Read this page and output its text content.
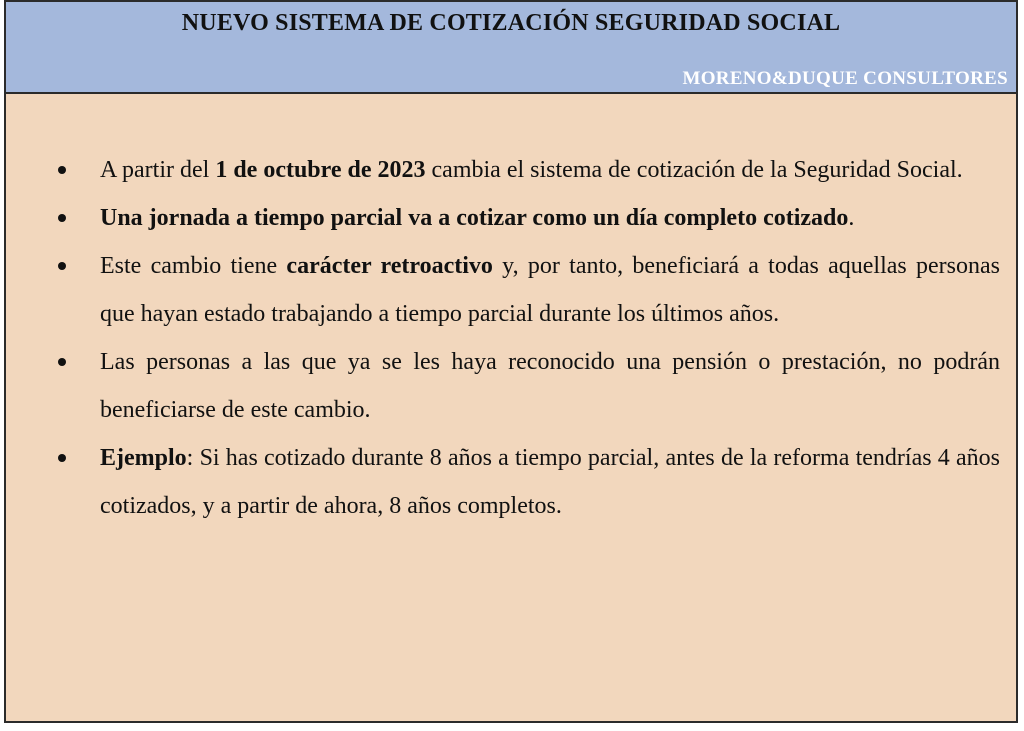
NUEVO SISTEMA DE COTIZACIÓN SEGURIDAD SOCIAL
MORENO&DUQUE CONSULTORES
A partir del 1 de octubre de 2023 cambia el sistema de cotización de la Seguridad Social.
Una jornada a tiempo parcial va a cotizar como un día completo cotizado.
Este cambio tiene carácter retroactivo y, por tanto, beneficiará a todas aquellas personas que hayan estado trabajando a tiempo parcial durante los últimos años.
Las personas a las que ya se les haya reconocido una pensión o prestación, no podrán beneficiarse de este cambio.
Ejemplo: Si has cotizado durante 8 años a tiempo parcial, antes de la reforma tendrías 4 años cotizados, y a partir de ahora, 8 años completos.
